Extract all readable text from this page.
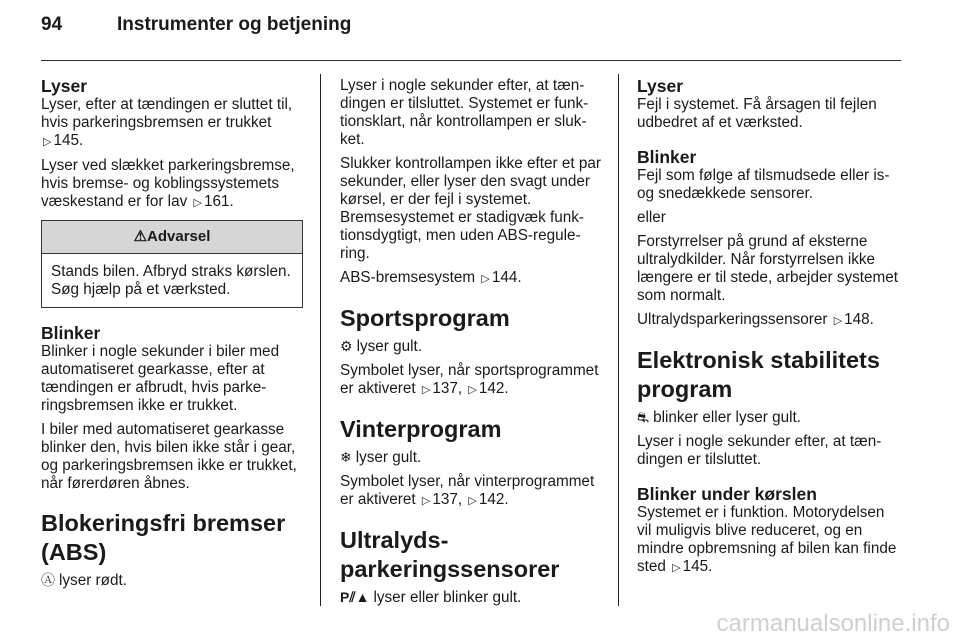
94	Instrumenter og betjening
Lyser

Lyser, efter at tændingen er sluttet til, hvis parkeringsbremsen er trukket
▷ 145.

Lyser ved slækket parkeringsbremse, hvis bremse- og koblingssystemets væskestand er for lav ▷ 161.

⚠Advarsel
Stands bilen. Afbryd straks kørslen. Søg hjælp på et værksted.
Blinker

Blinker i nogle sekunder i biler med automatiseret gearkasse, efter at tændingen er afbrudt, hvis parkeringsbremsen ikke er trukket.

I biler med automatiseret gearkasse blinker den, hvis bilen ikke står i gear, og parkeringsbremsen ikke er trukket, når førerdøren åbnes.

Blokeringsfri bremser (ABS)

Ⓐ lyser rødt.

Lyser i nogle sekunder efter, at tændingen er tilsluttet. Systemet er funktionsklart, når kontrollampen er slukket.

Slukker kontrollampen ikke efter et par sekunder, eller lyser den svagt under kørsel, er der fejl i systemet. Bremsesystemet er stadigvæk funktionsdygtigt, men uden ABS-regulering.

ABS-bremsesystem ▷ 144.

Sportsprogram

⚙ lyser gult.

Symbolet lyser, når sportsprogrammet er aktiveret ▷ 137, ▷ 142.

Vinterprogram

❄ lyser gult.

Symbolet lyser, når vinterprogrammet er aktiveret ▷ 137, ▷ 142.

Ultralydsparkeringssensorer

P⫽▲ lyser eller blinker gult.

Lyser

Fejl i systemet. Få årsagen til fejlen udbedret af et værksted.

Blinker

Fejl som følge af tilsmudsede eller is- og snedækkede sensorer.

eller

Forstyrrelser på grund af eksterne ultralydkilder. Når forstyrrelsen ikke længere er til stede, arbejder systemet som normalt.

Ultralydsparkeringssensorer ▷ 148.

Elektronisk stabilitets program

⛐ blinker eller lyser gult.

Lyser i nogle sekunder efter, at tændingen er tilsluttet.

Blinker under kørslen

Systemet er i funktion. Motorydelsen vil muligvis blive reduceret, og en mindre opbremsning af bilen kan finde sted ▷ 145.

carmanualsonline.info
